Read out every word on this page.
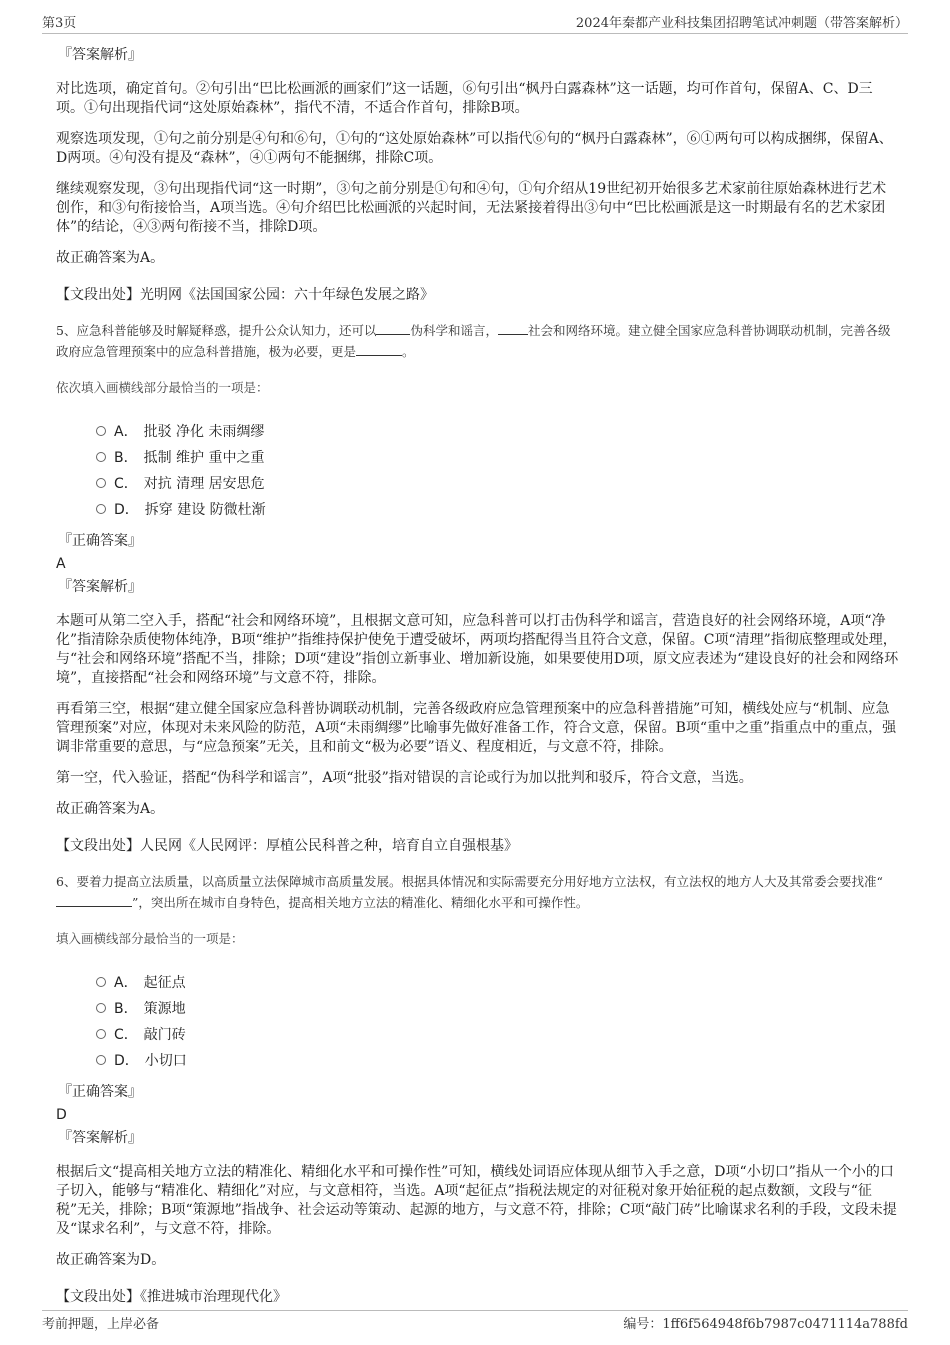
第3页	2024年秦都产业科技集团招聘笔试冲刺题（带答案解析）
『答案解析』
对比选项，确定首句。②句引出“巴比松画派的画家们”这一话题，⑥句引出“枫丹白露森林”这一话题，均可作首句，保留A、C、D三项。①句出现指代词“这处原始森林”，指代不清，不适合作首句，排除B项。
观察选项发现，①句之前分别是④句和⑥句，①句的“这处原始森林”可以指代⑥句的“枫丹白露森林”，⑥①两句可以构成捆绑，保留A、D两项。④句没有提及“森林”，④①两句不能捆绑，排除C项。
继续观察发现，③句出现指代词“这一时期”，③句之前分别是①句和④句，①句介绍从19世纪初开始很多艺术家前往原始森林进行艺术创作，和③句衔接恰当，A项当选。④句介绍巴比松画派的兴起时间，无法紧接着得出③句中“巴比松画派是这一时期最有名的艺术家团体”的结论，④③两句衔接不当，排除D项。
故正确答案为A。
【文段出处】光明网《法国国家公园：六十年绿色发展之路》
5、应急科普能够及时解疑释惑，提升公众认知力，还可以	伪科学和谣言， 社会和网络环境。建立健全国家应急科普协调联动机制，完善各级政府应急管理预案中的应急科普措施，极为必要，更是	。
依次填入画横线部分最恰当的一项是：
A． 批驳 净化 未雨绸缪
B． 抵制 维护 重中之重
C． 对抗 清理 居安思危
D． 拆穿 建设 防微杜渐
『正确答案』
A
『答案解析』
本题可从第二空入手，搭配“社会和网络环境”，且根据文意可知，应急科普可以打击伪科学和谣言，营造良好的社会网络环境，A项“净化”指清除杂质使物体纯净，B项“维护”指维持保护使免于遭受破坏，两项均搭配得当且符合文意，保留。C项“清理”指彻底整理或处理，与“社会和网络环境”搭配不当，排除；D项“建设”指创立新事业、增加新设施，如果要使用D项，原文应表述为“建设良好的社会和网络环境”，直接搭配“社会和网络环境”与文意不符，排除。
再看第三空，根据“建立健全国家应急科普协调联动机制，完善各级政府应急管理预案中的应急科普措施”可知，横线处应与“机制、应急管理预案”对应，体现对未来风险的防范，A项“未雨绸缪”比喻事先做好准备工作，符合文意，保留。B项“重中之重”指重点中的重点，强调非常重要的意思，与“应急预案”无关，且和前文“极为必要”语义、程度相近，与文意不符，排除。
第一空，代入验证，搭配“伪科学和谣言”，A项“批驳”指对错误的言论或行为加以批判和驳斥，符合文意，当选。
故正确答案为A。
【文段出处】人民网《人民网评：厚植公民科普之种，培育自立自强根基》
6、要着力提高立法质量，以高质量立法保障城市高质量发展。根据具体情况和实际需要充分用好地方立法权，有立法权的地方人大及其常委会要找准“”，突出所在城市自身特色，提高相关地方立法的精准化、精细化水平和可操作性。
填入画横线部分最恰当的一项是：
A． 起征点
B． 策源地
C． 敲门砖
D． 小切口
『正确答案』
D
『答案解析』
根据后文“提高相关地方立法的精准化、精细化水平和可操作性”可知，横线处词语应体现从细节入手之意，D项“小切口”指从一个小的口子切入，能够与“精准化、精细化”对应，与文意相符，当选。A项“起征点”指税法规定的对征税对象开始征税的起点数额，文段与“征税”无关，排除；B项“策源地”指战争、社会运动等策动、起源的地方，与文意不符，排除；C项“敲门砖”比喻谋求名利的手段，文段未提及“谋求名利”，与文意不符，排除。
故正确答案为D。
【文段出处】《推进城市治理现代化》
考前押题，上岸必备	编号：1ff6f564948f6b7987c0471114a788fd
